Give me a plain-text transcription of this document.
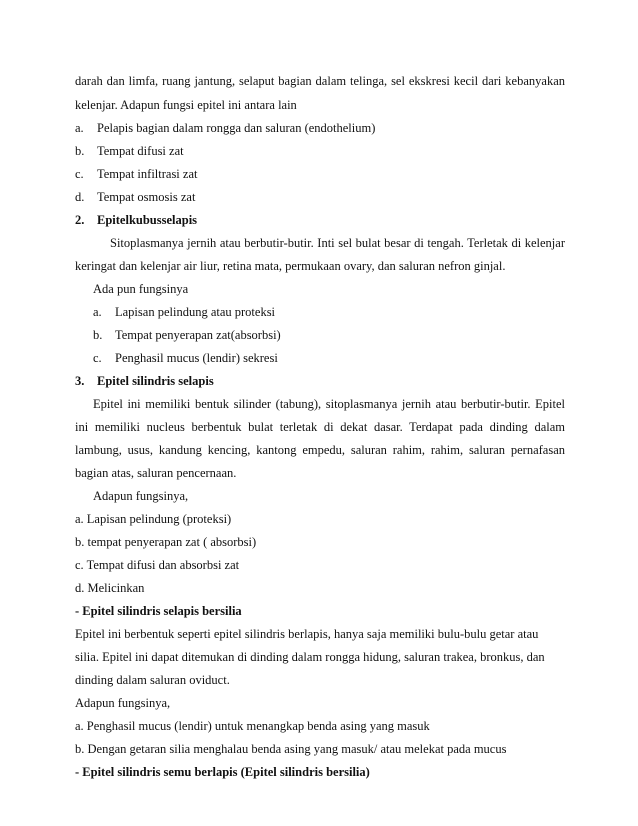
darah dan limfa, ruang jantung, selaput bagian dalam telinga, sel ekskresi kecil dari kebanyakan
kelenjar. Adapun fungsi epitel ini antara lain
a. Pelapis bagian dalam rongga dan saluran (endothelium)
b. Tempat difusi zat
c. Tempat infiltrasi zat
d. Tempat osmosis zat
2. Epitelkubusselapis
Sitoplasmanya jernih atau berbutir-butir. Inti sel bulat besar di tengah. Terletak di kelenjar
keringat dan kelenjar air liur, retina mata, permukaan ovary, dan saluran nefron ginjal.
Ada pun fungsinya
a. Lapisan pelindung atau proteksi
b. Tempat penyerapan zat(absorbsi)
c. Penghasil mucus (lendir) sekresi
3. Epitel silindris selapis
Epitel ini memiliki bentuk silinder (tabung), sitoplasmanya jernih atau berbutir-butir. Epitel
ini memiliki nucleus berbentuk bulat terletak di dekat dasar. Terdapat pada dinding dalam
lambung, usus, kandung kencing, kantong empedu, saluran rahim, rahim, saluran pernafasan
bagian atas, saluran pencernaan.
Adapun fungsinya,
a. Lapisan pelindung (proteksi)
b. tempat penyerapan zat ( absorbsi)
c. Tempat difusi dan absorbsi zat
d. Melicinkan
- Epitel silindris selapis bersilia
Epitel ini berbentuk seperti epitel silindris berlapis, hanya saja memiliki bulu-bulu getar atau
silia. Epitel ini dapat ditemukan di dinding dalam rongga hidung, saluran trakea, bronkus, dan
dinding dalam saluran oviduct.
Adapun fungsinya,
a. Penghasil mucus (lendir) untuk menangkap benda asing yang masuk
b. Dengan getaran silia menghalau benda asing yang masuk/ atau melekat pada mucus
- Epitel silindris semu berlapis (Epitel silindris bersilia)
